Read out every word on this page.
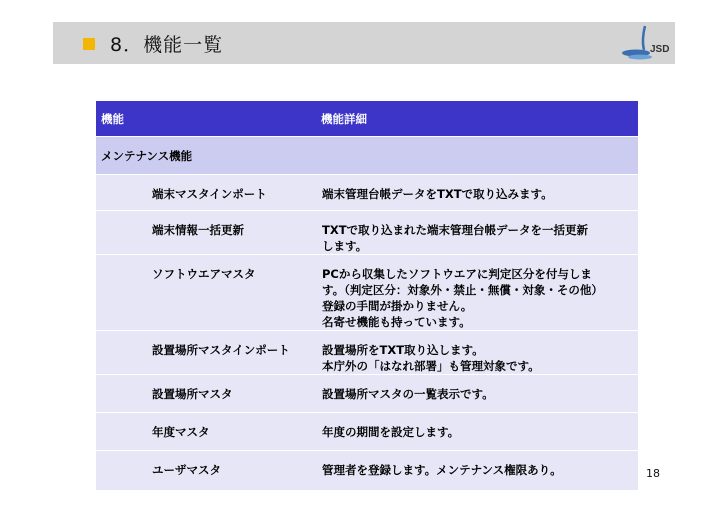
8．機能一覧	JSD
機能		機能詳細
メンテナンス機能		
	端末マスタインポート	端末管理台帳データをTXTで取り込みます。

	端末情報一括更新	TXTで取り込まれた端末管理台帳データを一括更新
します。

	ソフトウエアマスタ	PCから収集したソフトウエアに判定区分を付与しま
す。（判定区分：対象外・禁止・無償・対象・その他）
登録の手間が掛かりません。
名寄せ機能も持っています。

	設置場所マスタインポート	設置場所をTXT取り込します。
本庁外の「はなれ部署」も管理対象です。

	設置場所マスタ	設置場所マスタの一覧表示です。

	年度マスタ	年度の期間を設定します。

	ユーザマスタ	管理者を登録します。メンテナンス権限あり。	18
